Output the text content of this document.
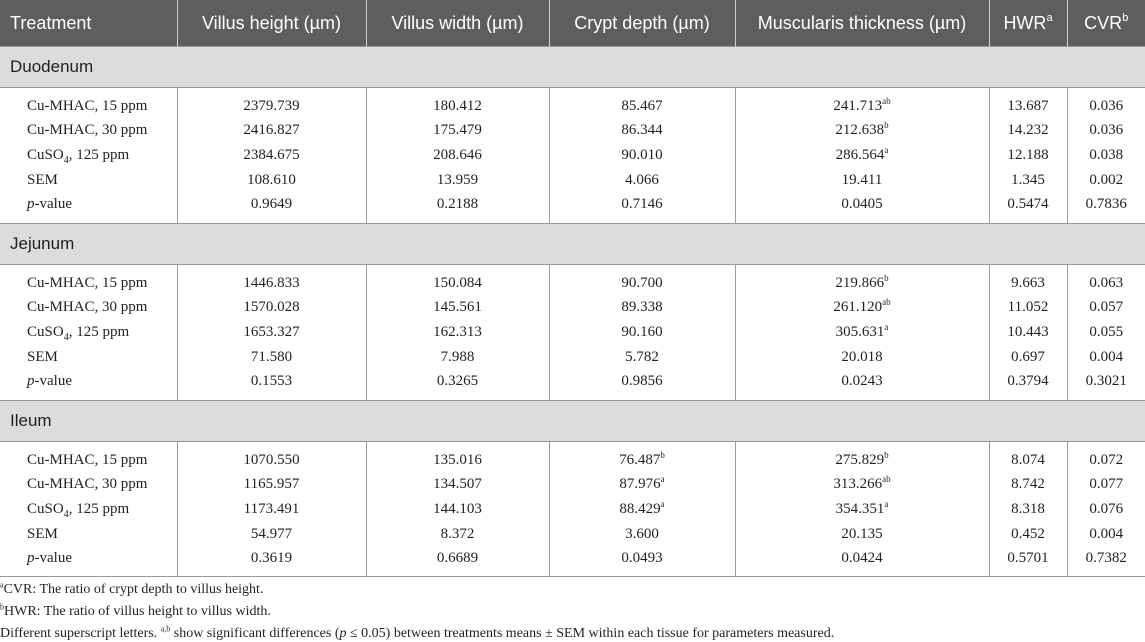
Treatment	Villus height (µm)	Villus width (µm)	Crypt depth (µm)	Muscularis thickness (µm)	HWR$^a$	CVR$^b$
Duodenum						
Cu-MHAC, 15 ppm	2379.739	180.412	85.467	241.713$^{ab}$	13.687	0.036
Cu-MHAC, 30 ppm	2416.827	175.479	86.344	212.638$^b$	14.232	0.036
CuSO$_4$, 125 ppm	2384.675	208.646	90.010	286.564$^a$	12.188	0.038
SEM	108.610	13.959	4.066	19.411	1.345	0.002
p-value	0.9649	0.2188	0.7146	0.0405	0.5474	0.7836
Jejunum						
Cu-MHAC, 15 ppm	1446.833	150.084	90.700	219.866$^b$	9.663	0.063
Cu-MHAC, 30 ppm	1570.028	145.561	89.338	261.120$^{ab}$	11.052	0.057
CuSO$_4$, 125 ppm	1653.327	162.313	90.160	305.631$^a$	10.443	0.055
SEM	71.580	7.988	5.782	20.018	0.697	0.004
p-value	0.1553	0.3265	0.9856	0.0243	0.3794	0.3021
Ileum						
Cu-MHAC, 15 ppm	1070.550	135.016	76.487$^b$	275.829$^b$	8.074	0.072
Cu-MHAC, 30 ppm	1165.957	134.507	87.976$^a$	313.266$^{ab}$	8.742	0.077
CuSO$_4$, 125 ppm	1173.491	144.103	88.429$^a$	354.351$^a$	8.318	0.076
SEM	54.977	8.372	3.600	20.135	0.452	0.004
p-value	0.3619	0.6689	0.0493	0.0424	0.5701	0.7382
$^a$CVR: The ratio of crypt depth to villus height.
$^b$HWR: The ratio of villus height to villus width.
Different superscript letters. $^{a,b}$ show significant differences (p ≤ 0.05) between treatments means ± SEM within each tissue for parameters measured.
